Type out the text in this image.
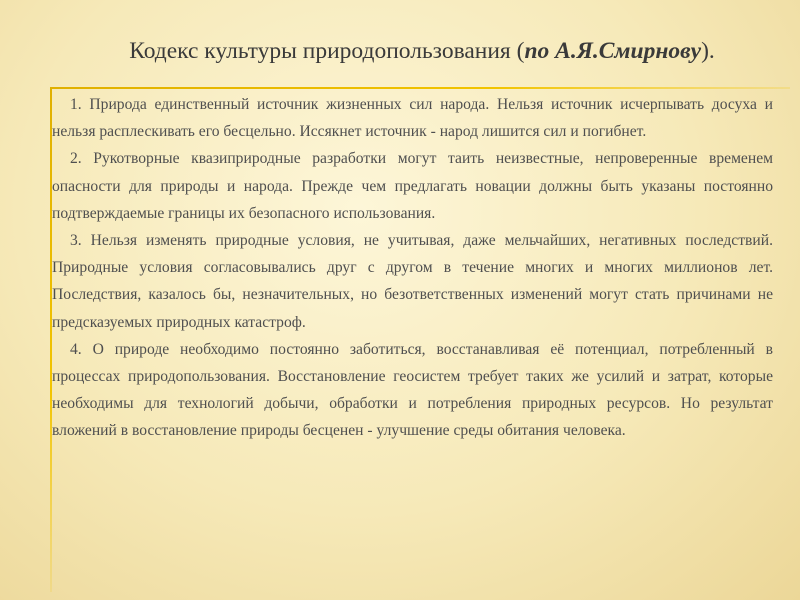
Кодекс культуры природопользования (по А.Я.Смирнову).

1. Природа единственный источник жизненных сил народа. Нельзя источник исчерпывать досуха и нельзя расплескивать его бесцельно. Иссякнет источник - народ лишится сил и погибнет.

2. Рукотворные квазиприродные разработки могут таить неизвестные, непроверенные временем опасности для природы и народа. Прежде чем предлагать новации должны быть указаны постоянно подтверждаемые границы их безопасного использования.

3. Нельзя изменять природные условия, не учитывая, даже мельчайших, негативных последствий. Природные условия согласовывались друг с другом в течение многих и многих миллионов лет. Последствия, казалось бы, незначительных, но безответственных изменений могут стать причинами не предсказуемых природных катастроф.

4. О природе необходимо постоянно заботиться, восстанавливая её потенциал, потребленный в процессах природопользования. Восстановление геосистем требует таких же усилий и затрат, которые необходимы для технологий добычи, обработки и потребления природных ресурсов. Но результат вложений в восстановление природы бесценен - улучшение среды обитания человека.
